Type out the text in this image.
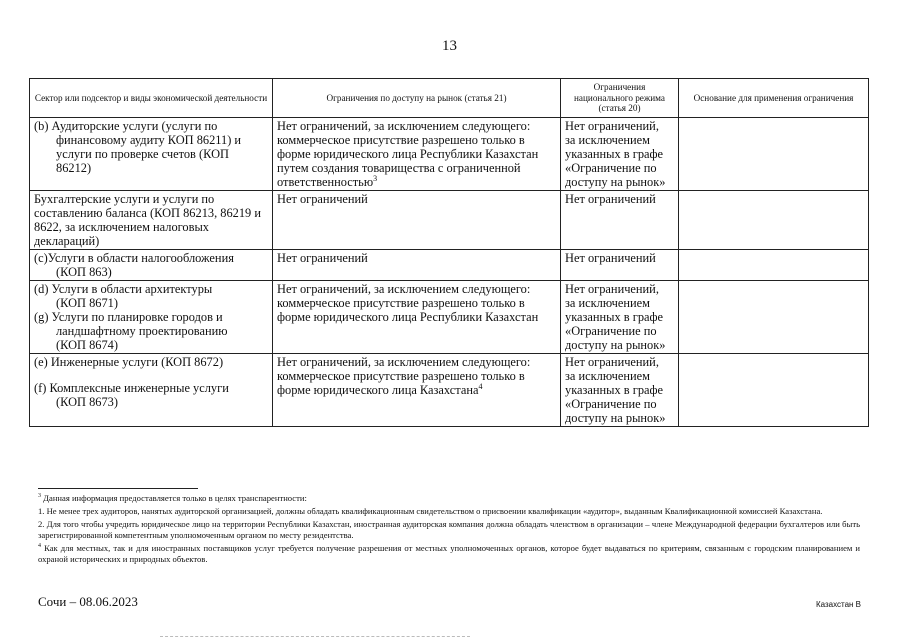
13
Сектор или подсектор и виды экономической деятельности	Ограничения по доступу на рынок (статья 21)	Ограничения национального режима (статья 20)	Основание для применения ограничения

(b) Аудиторские услуги (услуги по
финансовому аудиту КОП 86211) и
услуги по проверке счетов (КОП
86212)	Нет ограничений, за исключением следующего:
коммерческое присутствие разрешено только в
форме юридического лица Республики Казахстан
путем создания товарищества с ограниченной
ответственностью$^3$	Нет ограничений,
за исключением
указанных в графе
«Ограничение по
доступу на рынок»	

Бухгалтерские услуги и услуги по
составлению баланса (КОП 86213, 86219 и
8622, за исключением налоговых
деклараций)	Нет ограничений	Нет ограничений	

(c)Услуги в области налогообложения
(КОП 863)	Нет ограничений	Нет ограничений	

(d) Услуги в области архитектуры
(КОП 8671)
(g) Услуги по планировке городов и
ландшафтному проектированию
(КОП 8674)	Нет ограничений, за исключением следующего:
коммерческое присутствие разрешено только в
форме юридического лица Республики Казахстан	Нет ограничений,
за исключением
указанных в графе
«Ограничение по
доступу на рынок»	

(e) Инженерные услуги (КОП 8672)
(f) Комплексные инженерные услуги
(КОП 8673)	Нет ограничений, за исключением следующего:
коммерческое присутствие разрешено только в
форме юридического лица Казахстана$^4$	Нет ограничений,
за исключением
указанных в графе
«Ограничение по
доступу на рынок»	

$^3$ Данная информация предоставляется только в целях транспарентности:

1. Не менее трех аудиторов, нанятых аудиторской организацией, должны обладать квалификационным свидетельством о присвоении квалификации «аудитор», выданным Квалификационной комиссией Казахстана.

2. Для того чтобы учредить юридическое лицо на территории Республики Казахстан, иностранная аудиторская компания должна обладать членством в организации – члене Международной федерации бухгалтеров или быть зарегистрированной компетентным уполномоченным органом по месту резидентства.

$^4$ Как для местных, так и для иностранных поставщиков услуг требуется получение разрешения от местных уполномоченных органов, которое будет выдаваться по критериям, связанным с городским планированием и охраной исторических и природных объектов.

Сочи – 08.06.2023	Казахстан В
